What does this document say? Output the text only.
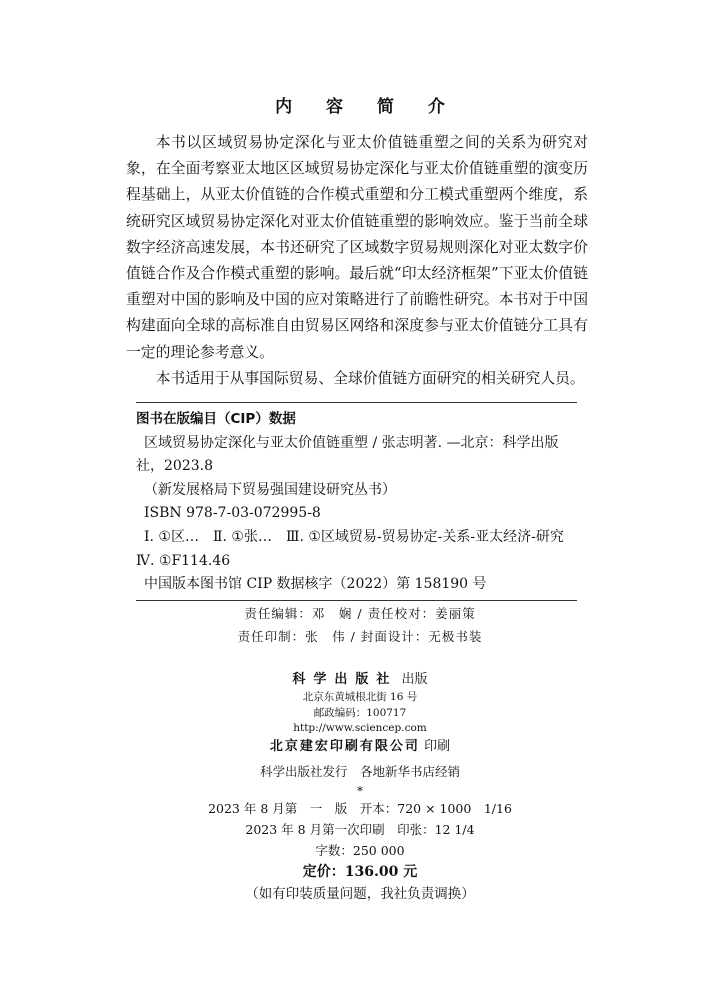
内 容 简 介

本书以区域贸易协定深化与亚太价值链重塑之间的关系为研究对象，在全面考察亚太地区区域贸易协定深化与亚太价值链重塑的演变历程基础上，从亚太价值链的合作模式重塑和分工模式重塑两个维度，系统研究区域贸易协定深化对亚太价值链重塑的影响效应。鉴于当前全球数字经济高速发展，本书还研究了区域数字贸易规则深化对亚太数字价值链合作及合作模式重塑的影响。最后就“印太经济框架”下亚太价值链重塑对中国的影响及中国的应对策略进行了前瞻性研究。本书对于中国构建面向全球的高标准自由贸易区网络和深度参与亚太价值链分工具有一定的理论参考意义。

本书适用于从事国际贸易、全球价值链方面研究的相关研究人员。

图书在版编目（CIP）数据
区域贸易协定深化与亚太价值链重塑 / 张志明著. —北京：科学出版社，2023.8
（新发展格局下贸易强国建设研究丛书）
ISBN 978-7-03-072995-8
Ⅰ. ①区…　Ⅱ. ①张…　Ⅲ. ①区域贸易-贸易协定-关系-亚太经济-研究　Ⅳ. ①F114.46
中国版本图书馆 CIP 数据核字（2022）第 158190 号
责任编辑：邓　娴 / 责任校对：姜丽策
责任印制：张　伟 / 封面设计：无极书装
科学出版社 出版
北京东黄城根北街 16 号
邮政编码：100717
http://www.sciencep.com
北京建宏印刷有限公司 印刷
科学出版社发行　各地新华书店经销
*
2023 年 8 月第　一　版　开本：720 × 1000　1/16
2023 年 8 月第一次印刷　印张：12 1/4
字数：250 000
定价：136.00 元
（如有印装质量问题，我社负责调换）
